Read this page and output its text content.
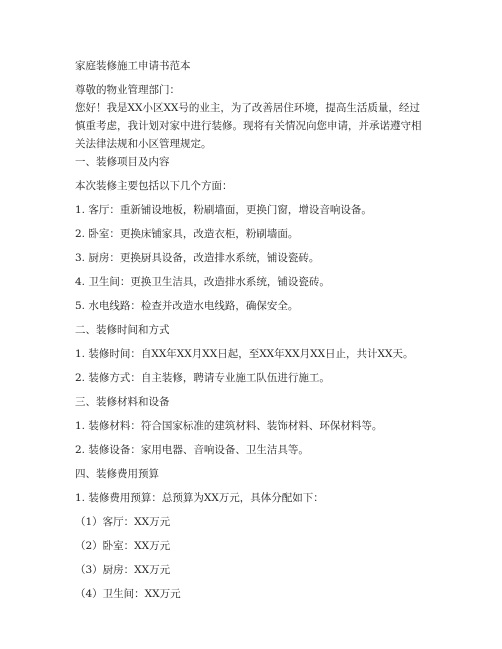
家庭装修施工申请书范本
尊敬的物业管理部门：
您好！我是XX小区XX号的业主，为了改善居住环境，提高生活质量，经过慎重考虑，我计划对家中进行装修。现将有关情况向您申请，并承诺遵守相关法律法规和小区管理规定。
一、装修项目及内容
本次装修主要包括以下几个方面：
1. 客厅：重新铺设地板，粉刷墙面，更换门窗，增设音响设备。
2. 卧室：更换床铺家具，改造衣柜，粉刷墙面。
3. 厨房：更换厨具设备，改造排水系统，铺设瓷砖。
4. 卫生间：更换卫生洁具，改造排水系统，铺设瓷砖。
5. 水电线路：检查并改造水电线路，确保安全。
二、装修时间和方式
1. 装修时间：自XX年XX月XX日起，至XX年XX月XX日止，共计XX天。
2. 装修方式：自主装修，聘请专业施工队伍进行施工。
三、装修材料和设备
1. 装修材料：符合国家标准的建筑材料、装饰材料、环保材料等。
2. 装修设备：家用电器、音响设备、卫生洁具等。
四、装修费用预算
1. 装修费用预算：总预算为XX万元，具体分配如下：
（1）客厅：XX万元
（2）卧室：XX万元
（3）厨房：XX万元
（4）卫生间：XX万元
